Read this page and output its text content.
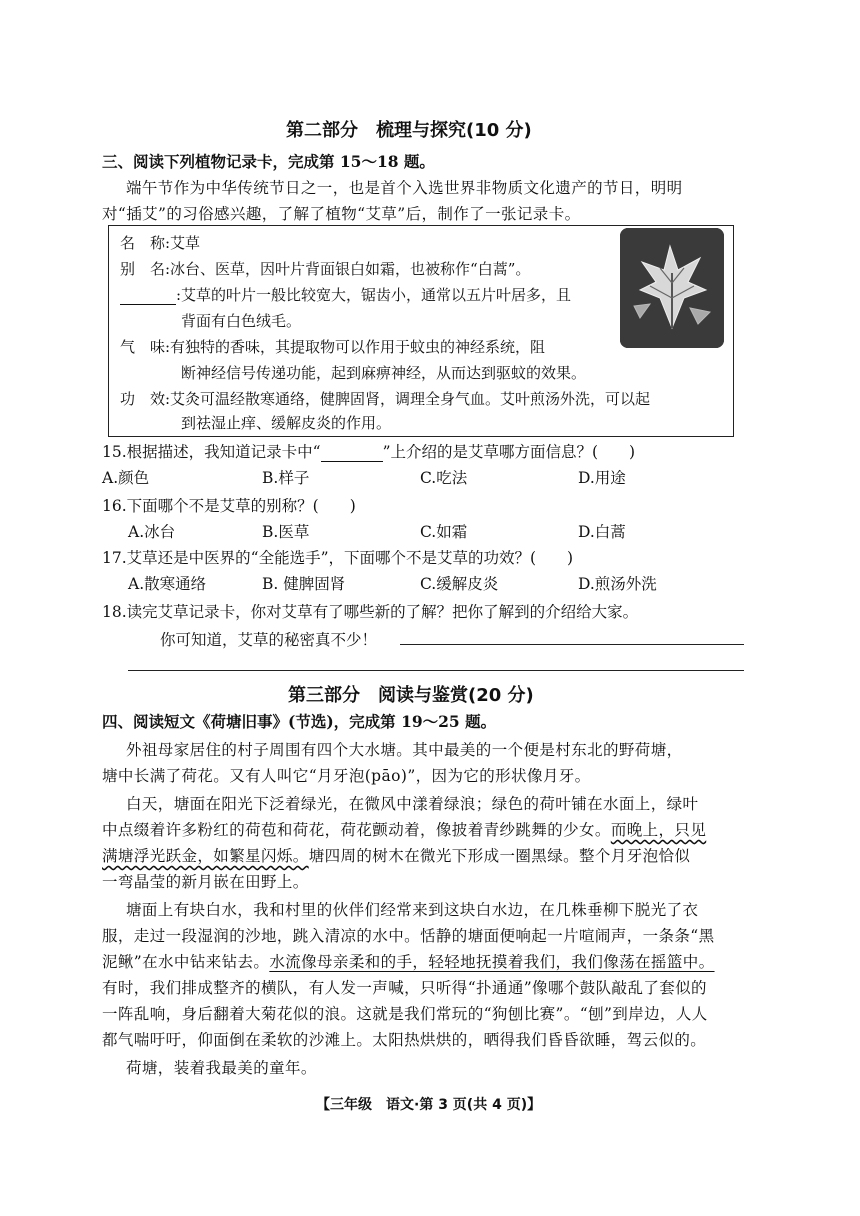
第二部分　梳理与探究(10 分)
三、阅读下列植物记录卡，完成第 15～18 题。
端午节作为中华传统节日之一，也是首个入选世界非物质文化遗产的节日，明明
对“插艾”的习俗感兴趣，了解了植物“艾草”后，制作了一张记录卡。
名　称:艾草
别　名:冰台、医草，因叶片背面银白如霜，也被称作“白蒿”。
:艾草的叶片一般比较宽大，锯齿小，通常以五片叶居多，且
背面有白色绒毛。
气　味:有独特的香味，其提取物可以作用于蚊虫的神经系统，阻
断神经信号传递功能，起到麻痹神经，从而达到驱蚊的效果。
功　效:艾灸可温经散寒通络，健脾固肾，调理全身气血。艾叶煎汤外洗，可以起
到祛湿止痒、缓解皮炎的作用。
15.根据描述，我知道记录卡中“	”上介绍的是艾草哪方面信息？(　　)
A.颜色	B.样子	C.吃法	D.用途
16.下面哪个不是艾草的别称？(　　)
A.冰台	B.医草	C.如霜	D.白蒿
17.艾草还是中医界的“全能选手”，下面哪个不是艾草的功效？(　　)
A.散寒通络	B. 健脾固肾	C.缓解皮炎	D.煎汤外洗
18.读完艾草记录卡，你对艾草有了哪些新的了解？把你了解到的介绍给大家。
你可知道，艾草的秘密真不少！
第三部分　阅读与鉴赏(20 分)
四、阅读短文《荷塘旧事》(节选)，完成第 19～25 题。
外祖母家居住的村子周围有四个大水塘。其中最美的一个便是村东北的野荷塘，
塘中长满了荷花。又有人叫它“月牙泡(pāo)”，因为它的形状像月牙。
白天，塘面在阳光下泛着绿光，在微风中漾着绿浪；绿色的荷叶铺在水面上，绿叶
中点缀着许多粉红的荷苞和荷花，荷花颤动着，像披着青纱跳舞的少女。而晚上，只见
满塘浮光跃金，如繁星闪烁。塘四周的树木在微光下形成一圈黑绿。整个月牙泡恰似
一弯晶莹的新月嵌在田野上。
塘面上有块白水，我和村里的伙伴们经常来到这块白水边，在几株垂柳下脱光了衣
服，走过一段湿润的沙地，跳入清凉的水中。恬静的塘面便响起一片喧闹声，一条条“黑
泥鳅”在水中钻来钻去。水流像母亲柔和的手，轻轻地抚摸着我们，我们像荡在摇篮中。
有时，我们排成整齐的横队，有人发一声喊，只听得“扑通通”像哪个鼓队敲乱了套似的
一阵乱响，身后翻着大菊花似的浪。这就是我们常玩的“狗刨比赛”。“刨”到岸边，人人
都气喘吁吁，仰面倒在柔软的沙滩上。太阳热烘烘的，晒得我们昏昏欲睡，驾云似的。
荷塘，装着我最美的童年。
【三年级　语文·第 3 页(共 4 页)】
